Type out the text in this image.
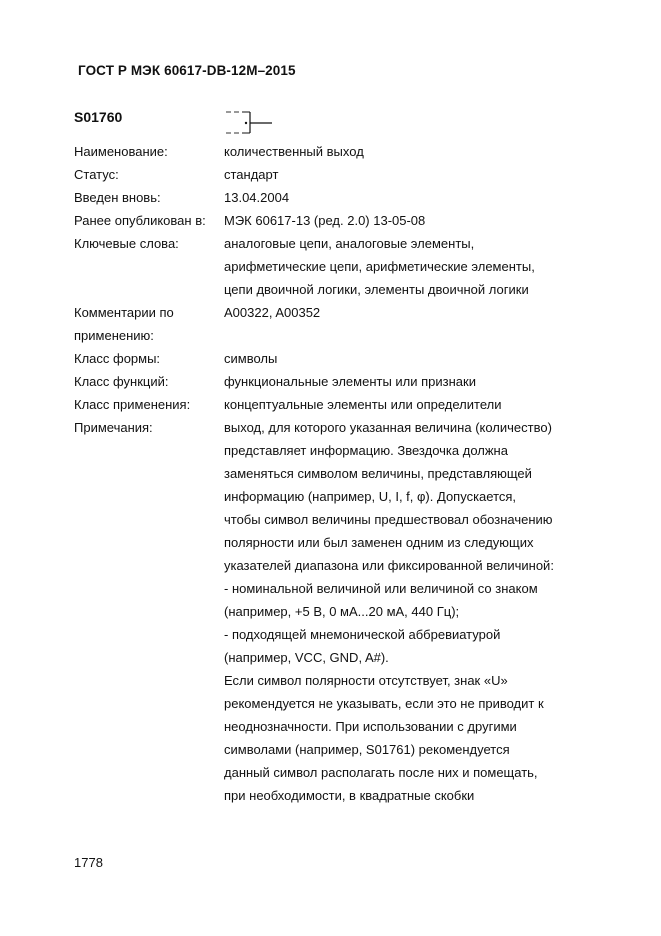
ГОСТ Р МЭК 60617-DB-12M–2015
S01760
Наименование:	количественный выход
Статус:	стандарт
Введен вновь:	13.04.2004
Ранее опубликован в:	МЭК 60617-13 (ред. 2.0) 13-05-08
Ключевые слова:	аналоговые цепи, аналоговые элементы,
арифметические цепи, арифметические элементы,
цепи двоичной логики, элементы двоичной логики
Комментарии по применению:
A00322, A00352
Класс формы:	символы
Класс функций:	функциональные элементы или признаки
Класс применения:	концептуальные элементы или определители
Примечания:	выход, для которого указанная величина (количество)
представляет информацию. Звездочка должна
заменяться символом величины, представляющей
информацию (например, U, I, f, φ). Допускается,
чтобы символ величины предшествовал обозначению
полярности или был заменен одним из следующих
указателей диапазона или фиксированной величиной:
- номинальной величиной или величиной со знаком
(например, +5 В, 0 мА...20 мА, 440 Гц);
- подходящей мнемонической аббревиатурой
(например, VCC, GND, A#).
Если символ полярности отсутствует, знак «U»
рекомендуется не указывать, если это не приводит к
неоднозначности. При использовании с другими
символами (например, S01761) рекомендуется
данный символ располагать после них и помещать,
при необходимости, в квадратные скобки
1778
